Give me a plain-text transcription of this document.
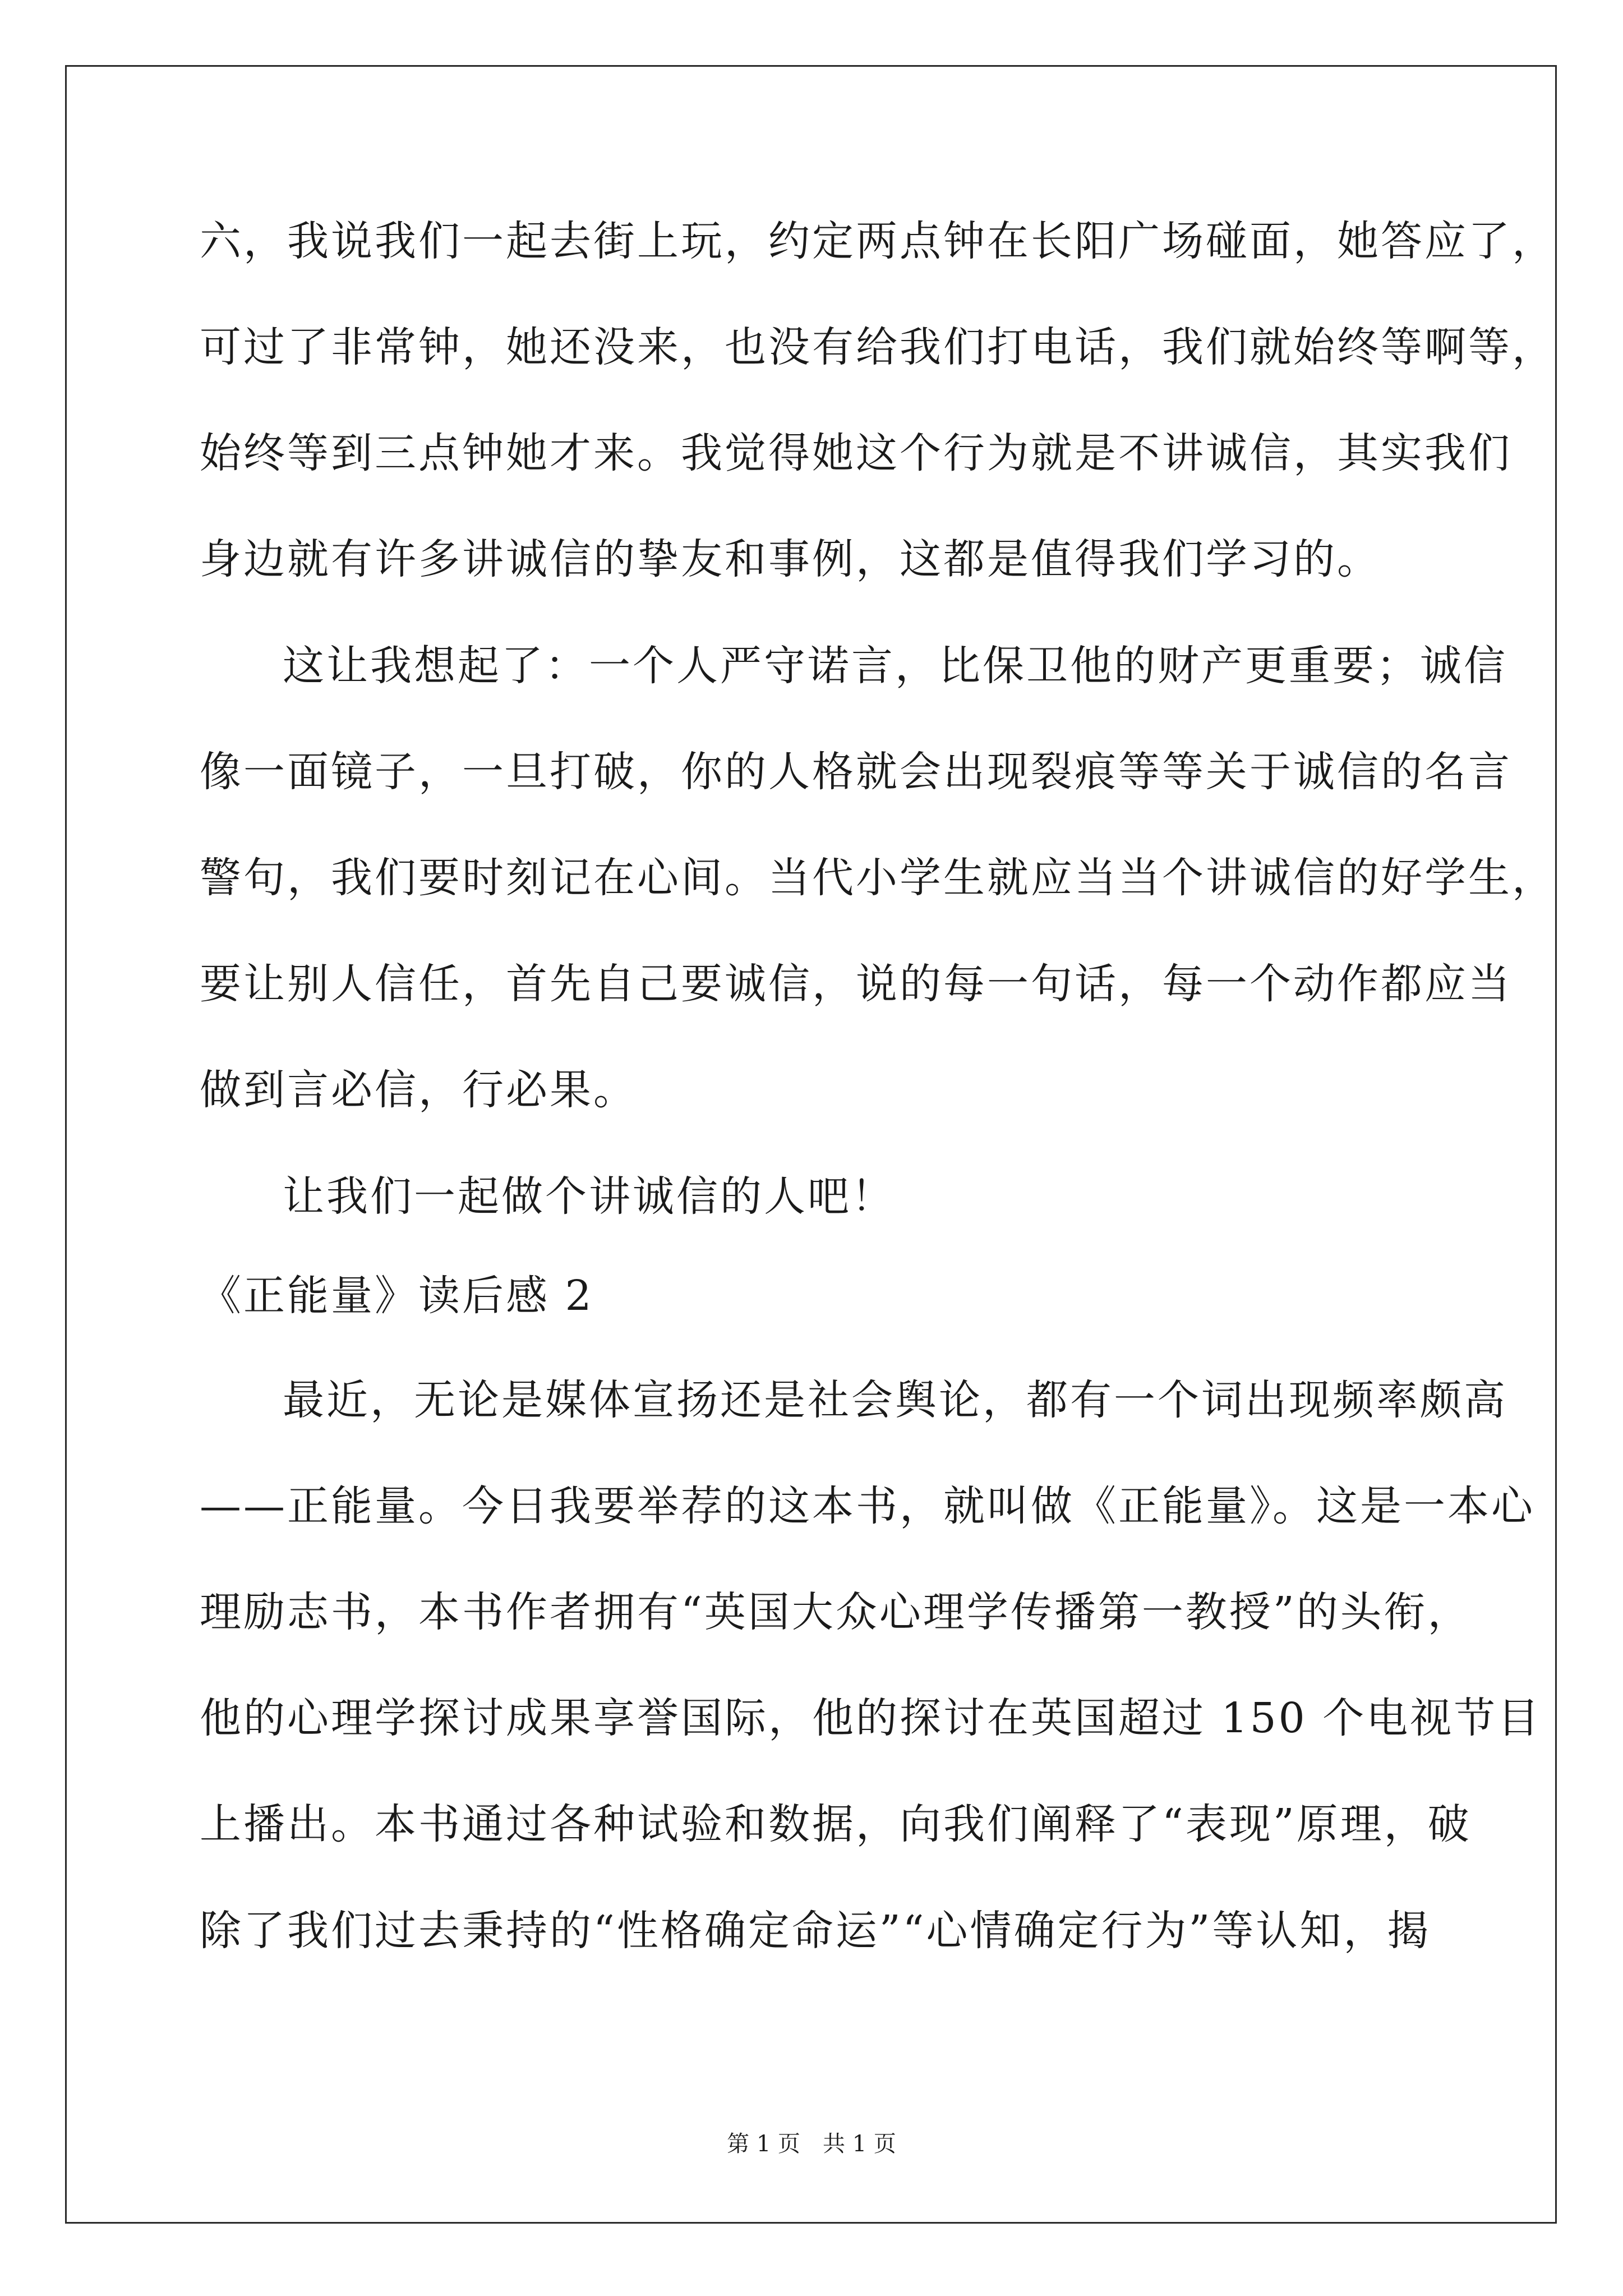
六，我说我们一起去街上玩，约定两点钟在长阳广场碰面，她答应了，
可过了非常钟，她还没来，也没有给我们打电话，我们就始终等啊等，
始终等到三点钟她才来。我觉得她这个行为就是不讲诚信，其实我们
身边就有许多讲诚信的挚友和事例，这都是值得我们学习的。
这让我想起了：一个人严守诺言，比保卫他的财产更重要；诚信
像一面镜子，一旦打破，你的人格就会出现裂痕等等关于诚信的名言
警句，我们要时刻记在心间。当代小学生就应当当个讲诚信的好学生，
要让别人信任，首先自己要诚信，说的每一句话，每一个动作都应当
做到言必信，行必果。
让我们一起做个讲诚信的人吧！
《正能量》读后感 2
最近，无论是媒体宣扬还是社会舆论，都有一个词出现频率颇高
——正能量。今日我要举荐的这本书，就叫做《正能量》。这是一本心
理励志书，本书作者拥有“英国大众心理学传播第一教授”的头衔，
他的心理学探讨成果享誉国际，他的探讨在英国超过 150 个电视节目
上播出。本书通过各种试验和数据，向我们阐释了“表现”原理，破
除了我们过去秉持的“性格确定命运”“心情确定行为”等认知，揭
第 1 页　共 1 页
